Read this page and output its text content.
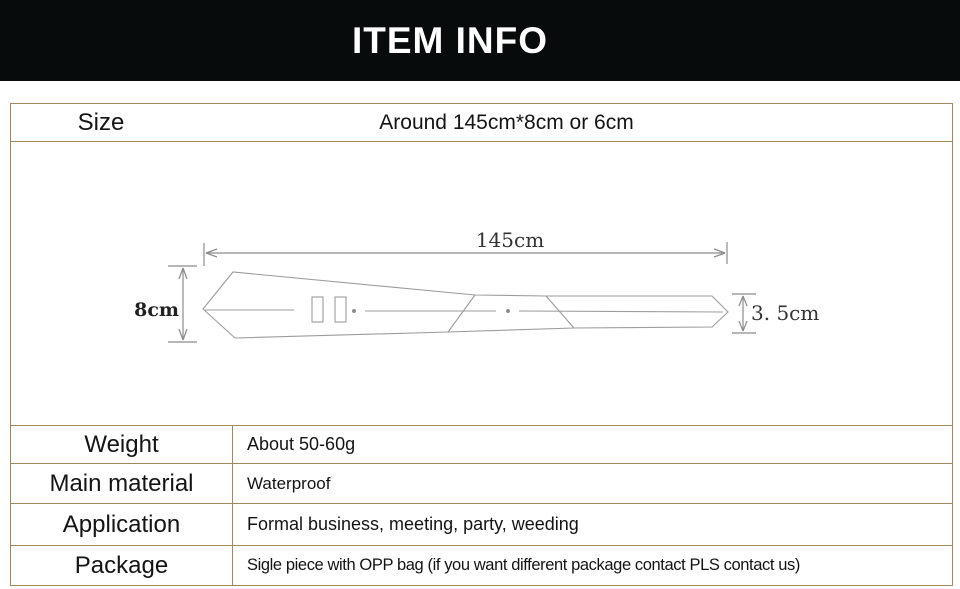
ITEM INFO
Size	Around 145cm*8cm or 6cm
145cm
8cm	3. 5cm
Weight	About 50-60g
Main material	Waterproof
Application	Formal business, meeting, party, weeding
Package	Sigle piece with OPP bag (if you want different package contact PLS contact us)
